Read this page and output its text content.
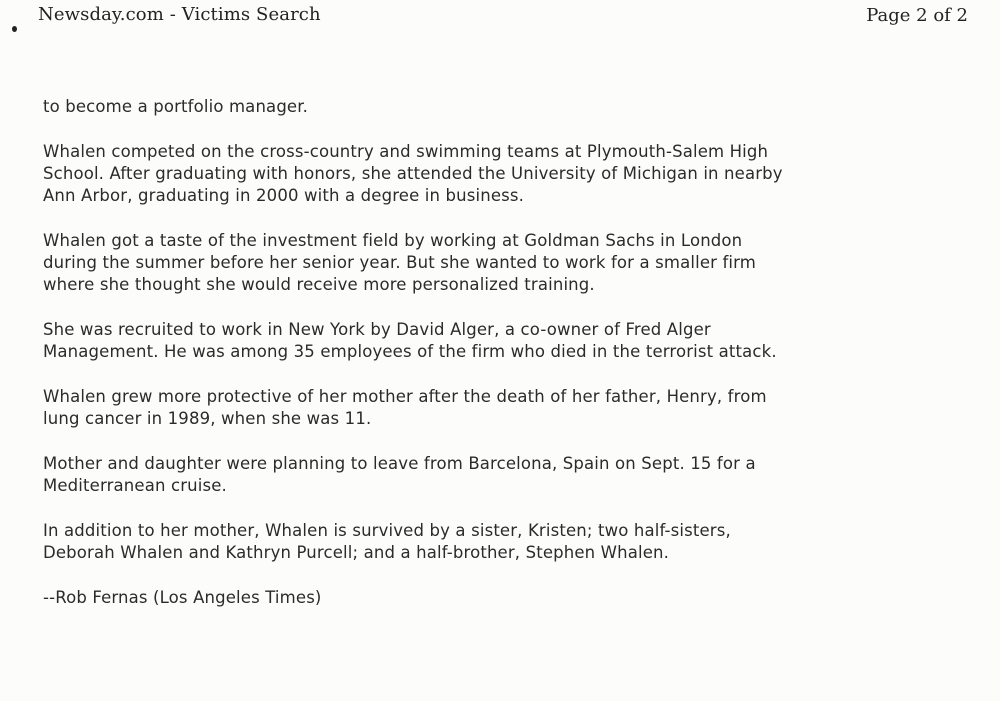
Newsday.com - Victims Search	Page 2 of 2

to become a portfolio manager.

Whalen competed on the cross-country and swimming teams at Plymouth-Salem High
School. After graduating with honors, she attended the University of Michigan in nearby
Ann Arbor, graduating in 2000 with a degree in business.

Whalen got a taste of the investment field by working at Goldman Sachs in London
during the summer before her senior year. But she wanted to work for a smaller firm
where she thought she would receive more personalized training.

She was recruited to work in New York by David Alger, a co-owner of Fred Alger
Management. He was among 35 employees of the firm who died in the terrorist attack.

Whalen grew more protective of her mother after the death of her father, Henry, from
lung cancer in 1989, when she was 11.

Mother and daughter were planning to leave from Barcelona, Spain on Sept. 15 for a
Mediterranean cruise.

In addition to her mother, Whalen is survived by a sister, Kristen; two half-sisters,
Deborah Whalen and Kathryn Purcell; and a half-brother, Stephen Whalen.

--Rob Fernas (Los Angeles Times)
